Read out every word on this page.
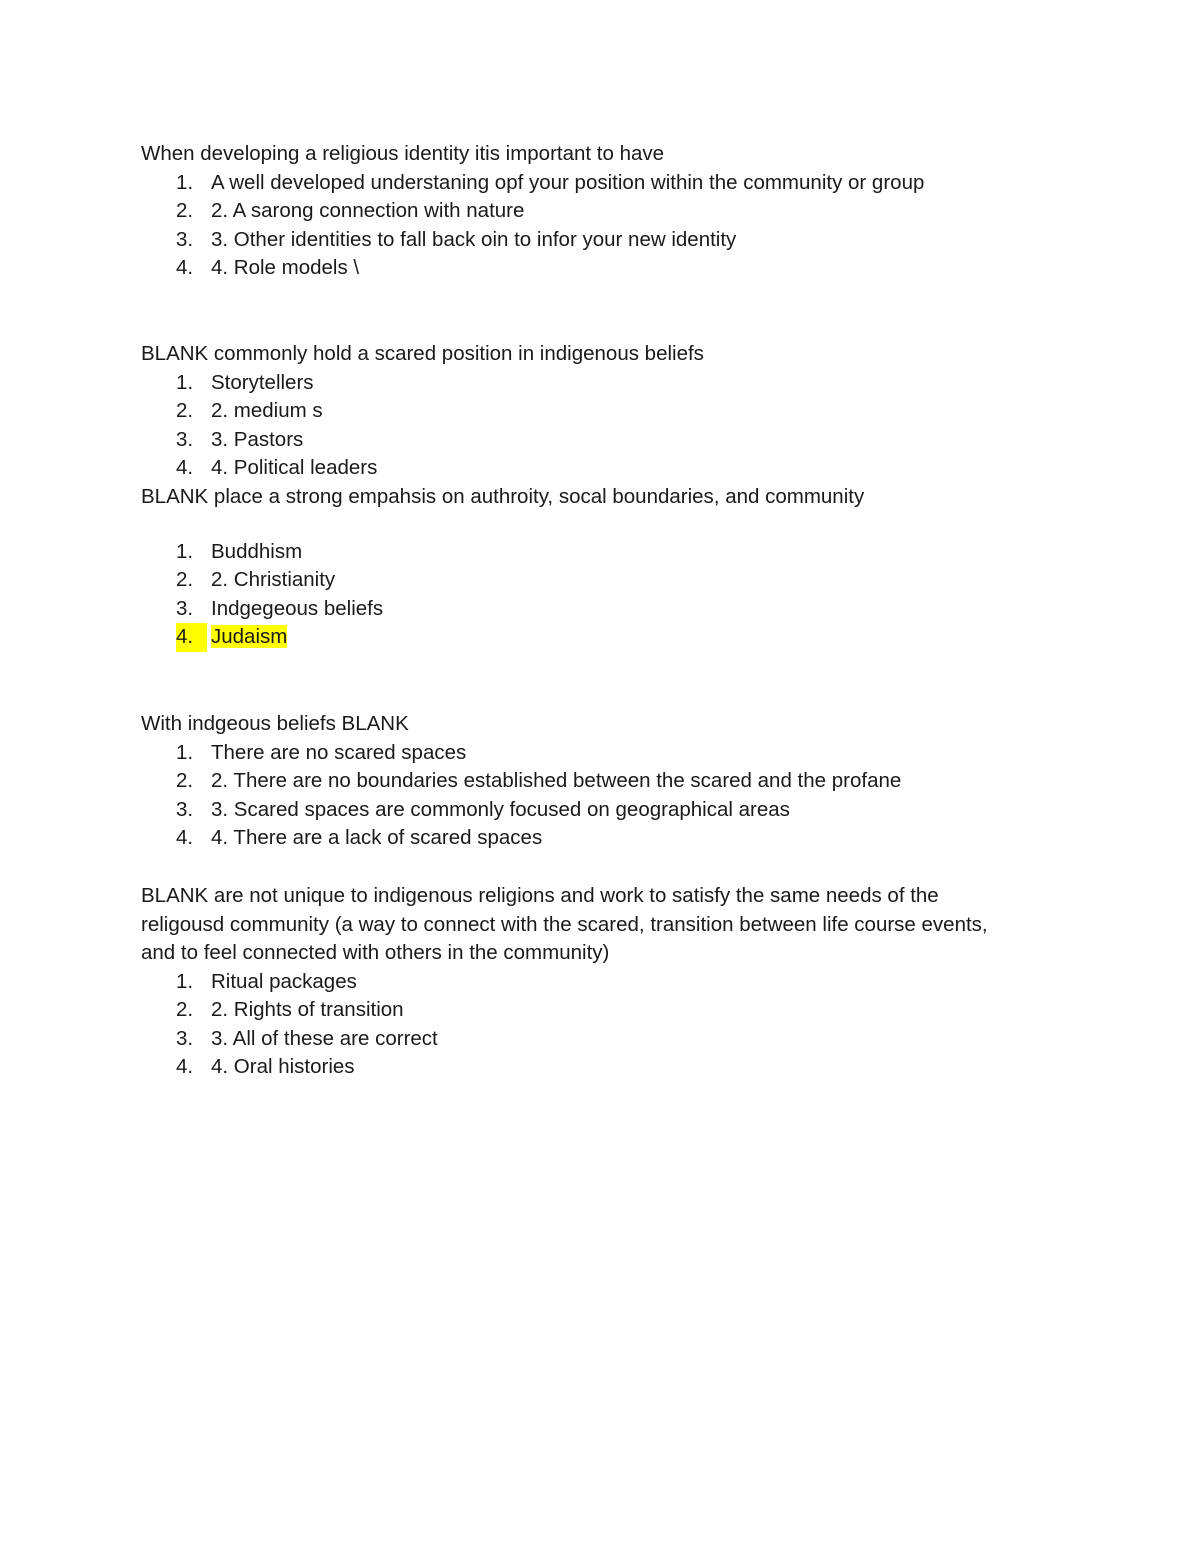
When developing a religious identity itis important to have

1. A well developed understaning opf your position within the community or group
2. 2. A sarong connection with nature
3. 3. Other identities to fall back oin to infor your new identity
4. 4. Role models \

BLANK commonly hold a scared position in indigenous beliefs

1. Storytellers
2. 2. medium s
3. 3. Pastors
4. 4. Political leaders

BLANK place a strong empahsis on authroity, socal boundaries, and community

1. Buddhism
2. 2. Christianity
3. Indgegeous beliefs
4. Judaism

With indgeous beliefs BLANK

1. There are no scared spaces
2. 2. There are no boundaries established between the scared and the profane
3. 3. Scared spaces are commonly focused on geographical areas
4. 4. There are a lack of scared spaces

BLANK are not unique to indigenous religions and work to satisfy the same needs of the
religousd community (a way to connect with the scared, transition between life course events,
and to feel connected with others in the community)

1. Ritual packages
2. 2. Rights of transition
3. 3. All of these are correct
4. 4. Oral histories
